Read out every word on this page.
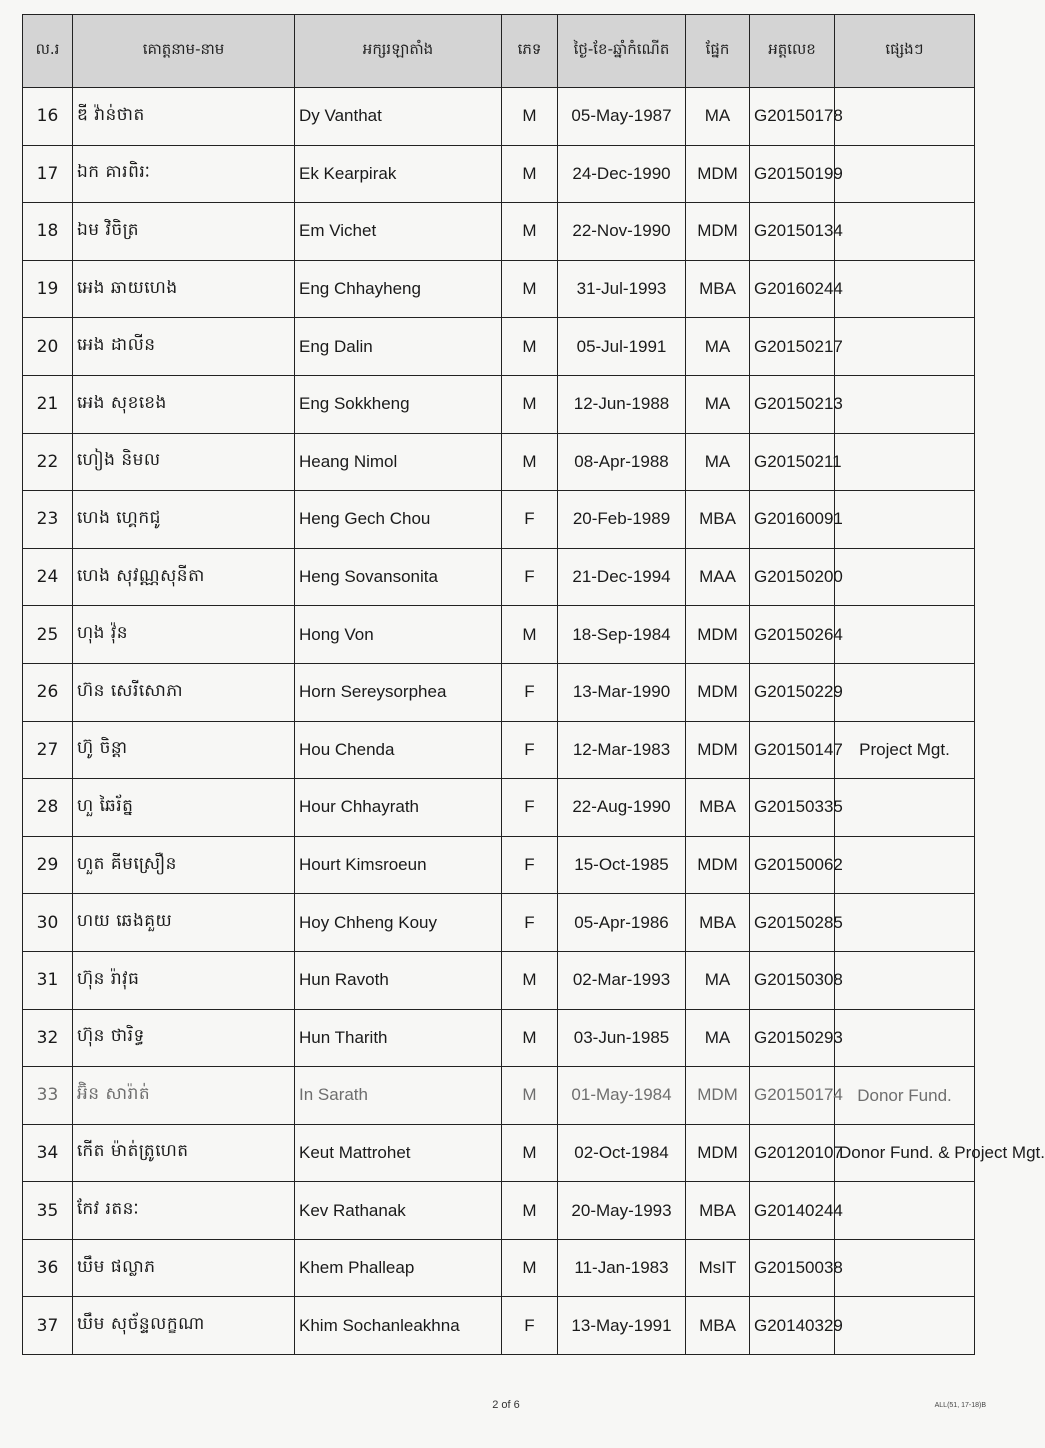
ល.រ	គោត្តនាម-នាម	អក្សរឡាតាំង	ភេទ	ថ្ងៃ-ខែ-ឆ្នាំកំណើត	ផ្នែក	អត្តលេខ	ផ្សេងៗ
16	ឌី វ៉ាន់ថាត	Dy Vanthat	M	05-May-1987	MA	G20150178	
17	ឯក គារពិរៈ	Ek Kearpirak	M	24-Dec-1990	MDM	G20150199	
18	ឯម វិចិត្រ	Em Vichet	M	22-Nov-1990	MDM	G20150134	
19	អេង ឆាយហេង	Eng Chhayheng	M	31-Jul-1993	MBA	G20160244	
20	អេង ដាលីន	Eng Dalin	M	05-Jul-1991	MA	G20150217	
21	អេង សុខខេង	Eng Sokkheng	M	12-Jun-1988	MA	G20150213	
22	ហៀង និមល	Heang Nimol	M	08-Apr-1988	MA	G20150211	
23	ហេង ហ្គេកជូ	Heng Gech Chou	F	20-Feb-1989	MBA	G20160091	
24	ហេង សុវណ្ណសុនីតា	Heng Sovansonita	F	21-Dec-1994	MAA	G20150200	
25	ហុង វ៉ុន	Hong Von	M	18-Sep-1984	MDM	G20150264	
26	ហ៊ន សេរីសោភា	Horn Sereysorphea	F	13-Mar-1990	MDM	G20150229	
27	ហ៊ូ ចិន្តា	Hou Chenda	F	12-Mar-1983	MDM	G20150147	Project Mgt.
28	ហួ ឆៃរ័ត្ន	Hour Chhayrath	F	22-Aug-1990	MBA	G20150335	
29	ហួត គីមស្រឿន	Hourt Kimsroeun	F	15-Oct-1985	MDM	G20150062	
30	ហយ ឆេងគួយ	Hoy Chheng Kouy	F	05-Apr-1986	MBA	G20150285	
31	ហ៊ុន រ៉ាវុធ	Hun Ravoth	M	02-Mar-1993	MA	G20150308	
32	ហ៊ុន ថារិទ្ធ	Hun Tharith	M	03-Jun-1985	MA	G20150293	
33	អ៊ិន សារ៉ាត់	In Sarath	M	01-May-1984	MDM	G20150174	Donor Fund.
34	កើត ម៉ាត់ត្រូហេត	Keut Mattrohet	M	02-Oct-1984	MDM	G20120107	Donor Fund. & Project Mgt.
35	កែវ រតនៈ	Kev Rathanak	M	20-May-1993	MBA	G20140244	
36	ឃឹម ផល្លាភ	Khem Phalleap	M	11-Jan-1983	MsIT	G20150038	
37	ឃឹម សុច័ន្ទលក្ខណា	Khim Sochanleakhna	F	13-May-1991	MBA	G20140329	
2 of 6	ALL(51, 17-18)B
